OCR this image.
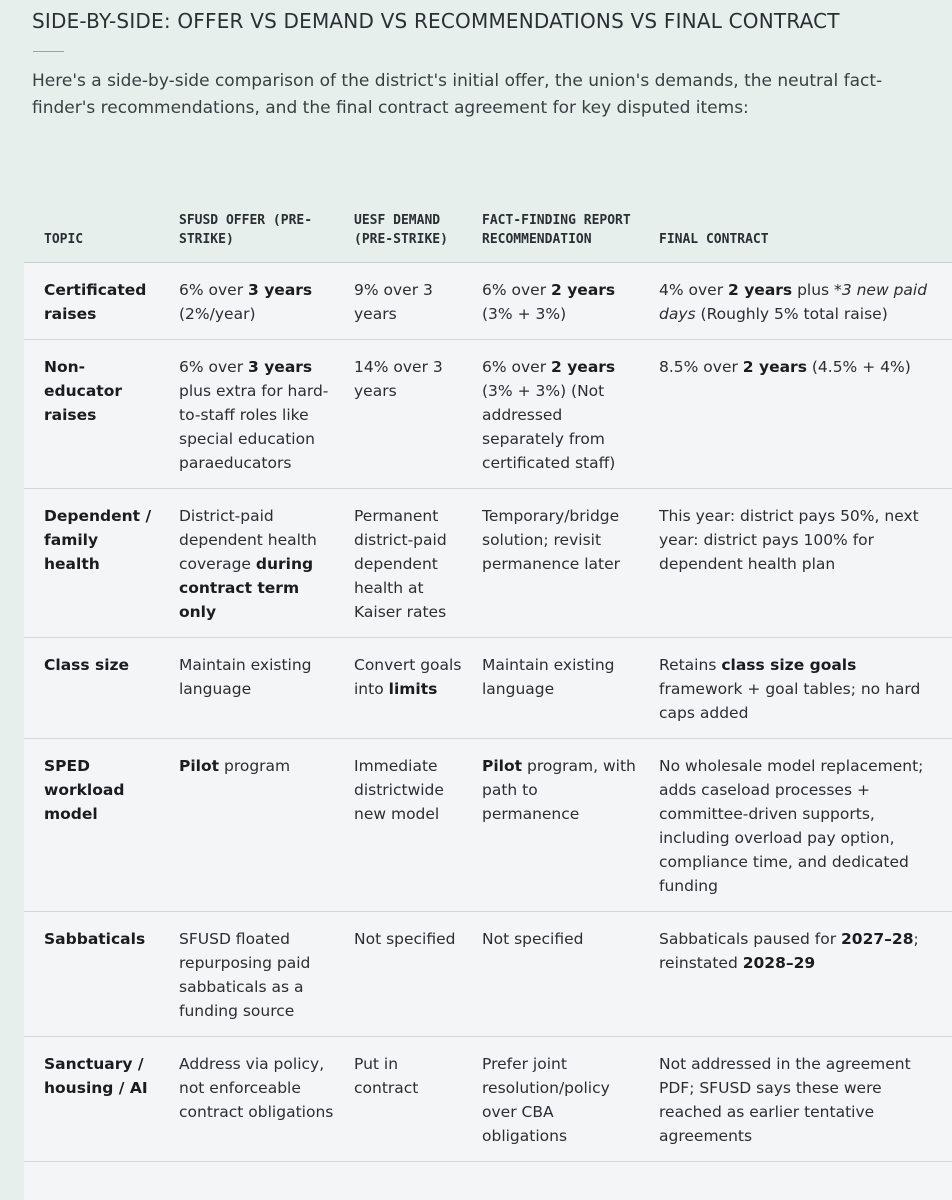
SIDE-BY-SIDE: OFFER VS DEMAND VS RECOMMENDATIONS VS FINAL CONTRACT
Here's a side-by-side comparison of the district's initial offer, the union's demands, the neutral fact-finder's recommendations, and the final contract agreement for key disputed items:
TOPIC	SFUSD OFFER (PRE-STRIKE)	UESF DEMAND (PRE-STRIKE)	FACT-FINDING REPORT RECOMMENDATION	FINAL CONTRACT
Certificated raises	6% over 3 years (2%/year)	9% over 3 years	6% over 2 years (3% + 3%)	4% over 2 years plus *3 new paid days (Roughly 5% total raise)
Non-educator raises	6% over 3 years plus extra for hard-to-staff roles like special education paraeducators	14% over 3 years	6% over 2 years (3% + 3%) (Not addressed separately from certificated staff)	8.5% over 2 years (4.5% + 4%)
Dependent / family health	District-paid dependent health coverage during contract term only	Permanent district-paid dependent health at Kaiser rates	Temporary/bridge solution; revisit permanence later	This year: district pays 50%, next year: district pays 100% for dependent health plan
Class size	Maintain existing language	Convert goals into limits	Maintain existing language	Retains class size goals framework + goal tables; no hard caps added
SPED workload model	Pilot program	Immediate districtwide new model	Pilot program, with path to permanence	No wholesale model replacement; adds caseload processes + committee-driven supports, including overload pay option, compliance time, and dedicated funding
Sabbaticals	SFUSD floated repurposing paid sabbaticals as a funding source	Not specified	Not specified	Sabbaticals paused for 2027–28; reinstated 2028–29
Sanctuary / housing / AI	Address via policy, not enforceable contract obligations	Put in contract	Prefer joint resolution/policy over CBA obligations	Not addressed in the agreement PDF; SFUSD says these were reached as earlier tentative agreements
